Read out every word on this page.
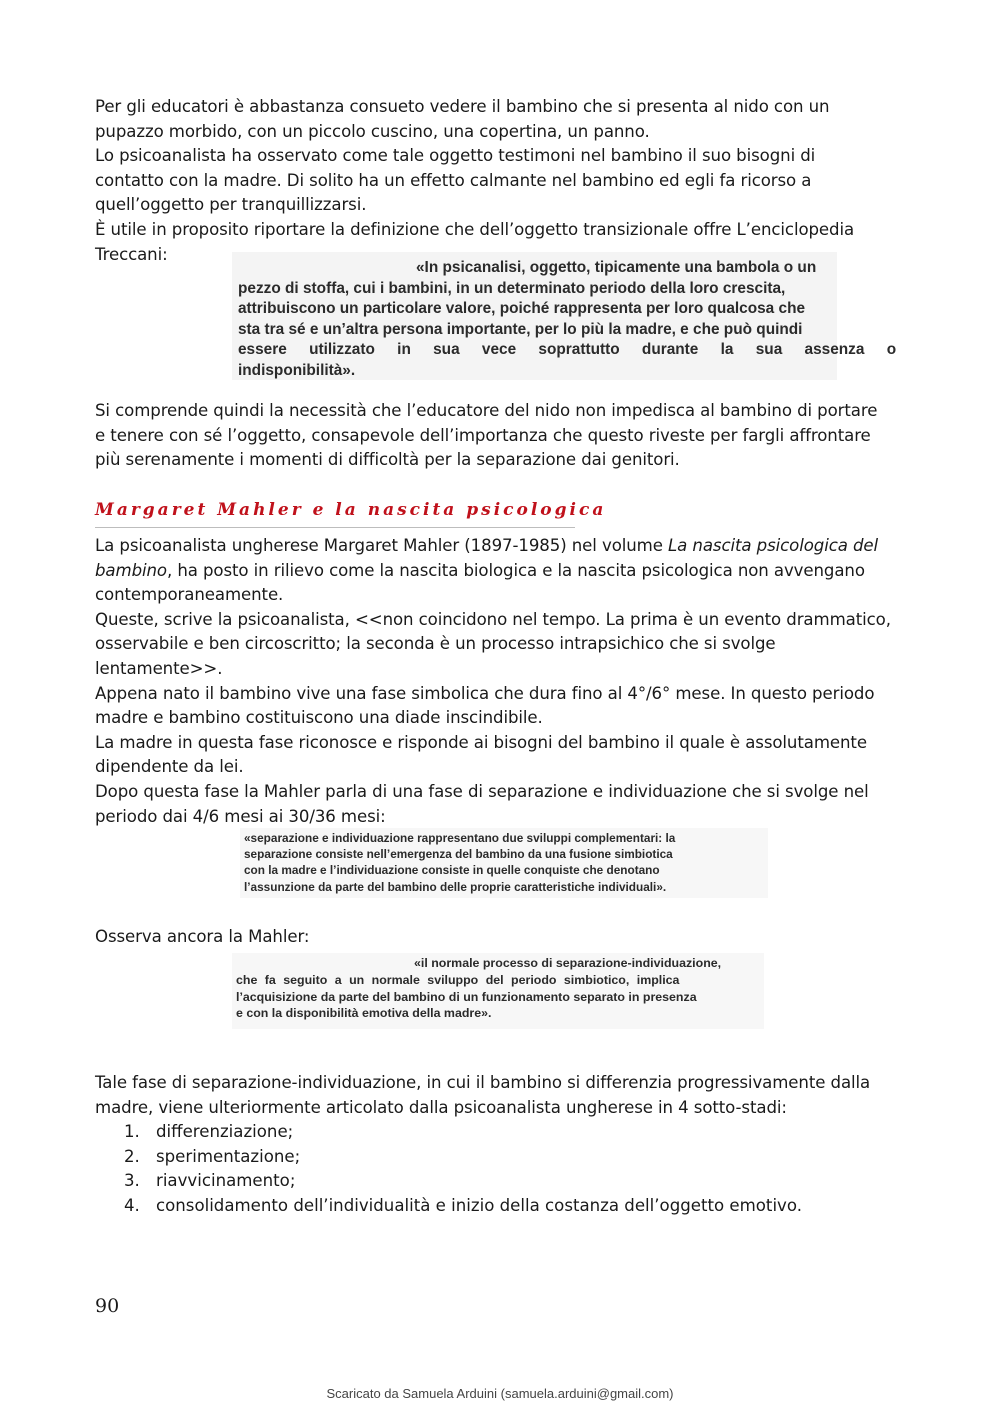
Per gli educatori è abbastanza consueto vedere il bambino che si presenta al nido con un
pupazzo morbido, con un piccolo cuscino, una copertina, un panno.
Lo psicoanalista ha osservato come tale oggetto testimoni nel bambino il suo bisogni di
contatto con la madre. Di solito ha un effetto calmante nel bambino ed egli fa ricorso a
quell’oggetto per tranquillizzarsi.
È utile in proposito riportare la definizione che dell’oggetto transizionale offre L’enciclopedia
Treccani:
«In psicanalisi, oggetto, tipicamente una bambola o un
pezzo di stoffa, cui i bambini, in un determinato periodo della loro crescita,
attribuiscono un particolare valore, poiché rappresenta per loro qualcosa che
sta tra sé e un’altra persona importante, per lo più la madre, e che può quindi
essere utilizzato in sua vece soprattutto durante la sua assenza o
indisponibilità».
Si comprende quindi la necessità che l’educatore del nido non impedisca al bambino di portare
e tenere con sé l’oggetto, consapevole dell’importanza che questo riveste per fargli affrontare
più serenamente i momenti di difficoltà per la separazione dai genitori.
Margaret Mahler e la nascita psicologica
La psicoanalista ungherese Margaret Mahler (1897-1985) nel volume La nascita psicologica del
bambino, ha posto in rilievo come la nascita biologica e la nascita psicologica non avvengano
contemporaneamente.
Queste, scrive la psicoanalista, <<non coincidono nel tempo. La prima è un evento drammatico,
osservabile e ben circoscritto; la seconda è un processo intrapsichico che si svolge
lentamente>>.
Appena nato il bambino vive una fase simbolica che dura fino al 4°/6° mese. In questo periodo
madre e bambino costituiscono una diade inscindibile.
La madre in questa fase riconosce e risponde ai bisogni del bambino il quale è assolutamente
dipendente da lei.
Dopo questa fase la Mahler parla di una fase di separazione e individuazione che si svolge nel
periodo dai 4/6 mesi ai 30/36 mesi:
«separazione e individuazione rappresentano due sviluppi complementari: la
separazione consiste nell’emergenza del bambino da una fusione simbiotica
con la madre e l’individuazione consiste in quelle conquiste che denotano
l’assunzione da parte del bambino delle proprie caratteristiche individuali».
Osserva ancora la Mahler:
«il normale processo di separazione-individuazione,
che fa seguito a un normale sviluppo del periodo simbiotico, implica
l’acquisizione da parte del bambino di un funzionamento separato in presenza
e con la disponibilità emotiva della madre».
Tale fase di separazione-individuazione, in cui il bambino si differenzia progressivamente dalla
madre, viene ulteriormente articolato dalla psicoanalista ungherese in 4 sotto-stadi:
1. differenziazione;
2. sperimentazione;
3. riavvicinamento;
4. consolidamento dell’individualità e inizio della costanza dell’oggetto emotivo.

90

Scaricato da Samuela Arduini (samuela.arduini@gmail.com)
